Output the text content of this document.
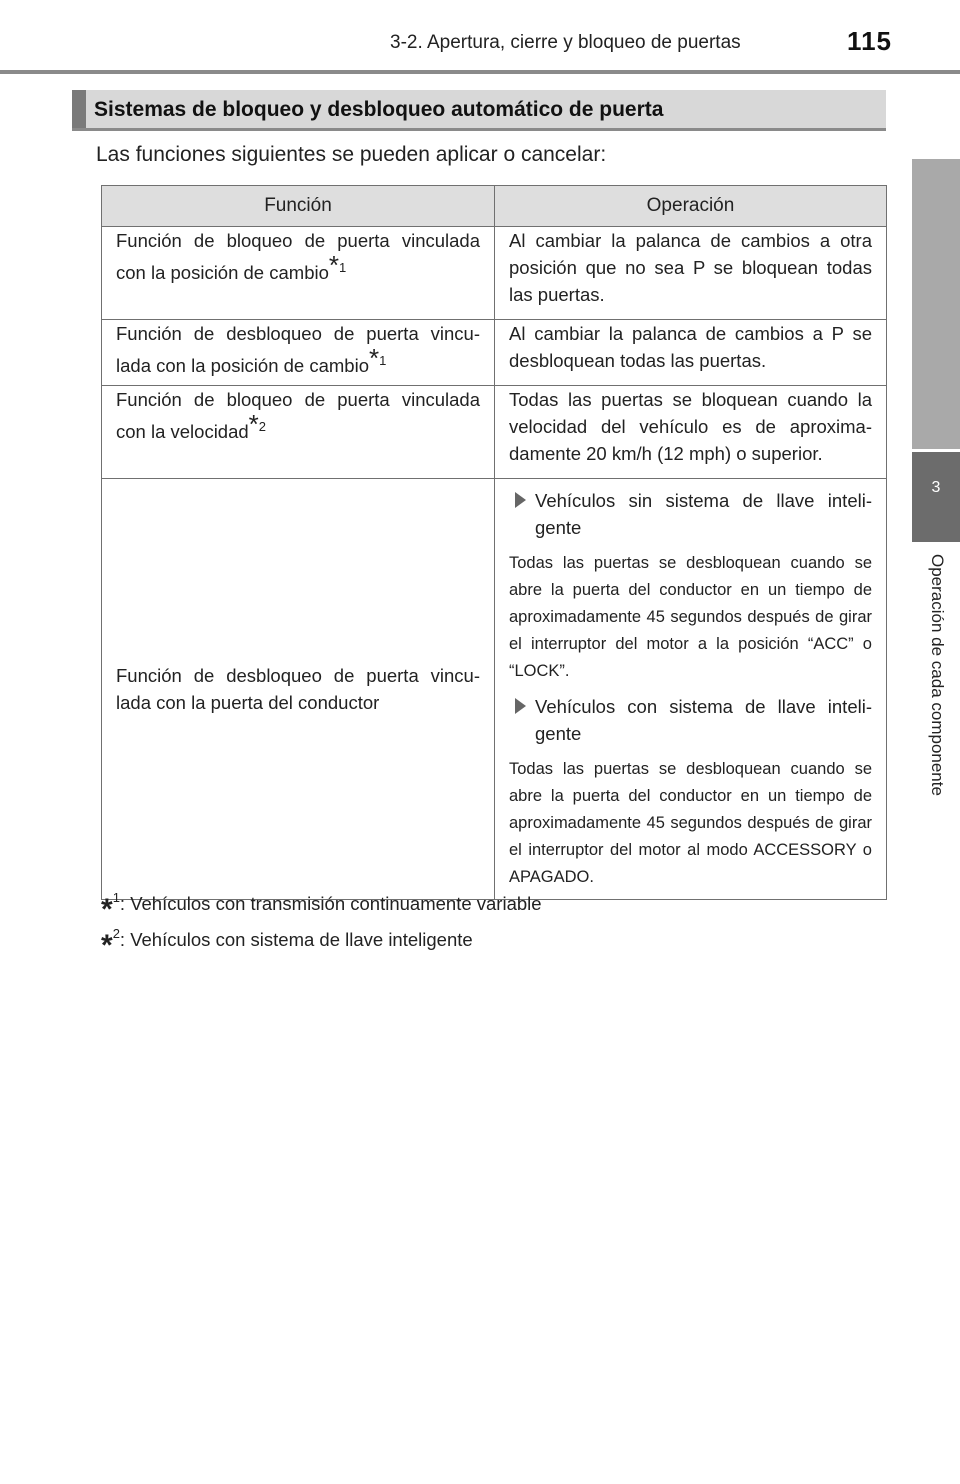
3-2. Apertura, cierre y bloqueo de puertas	115
3
Operación de cada componente
Sistemas de bloqueo y desbloqueo automático de puerta
Las funciones siguientes se pueden aplicar o cancelar:
Función	Operación
Función de bloqueo de puerta vinculada con la posición de cambio$^{*1}$	Al cambiar la palanca de cambios a otra posición que no sea P se bloquean todas las puertas.
Función de desbloqueo de puerta vincu-lada con la posición de cambio$^{*1}$	Al cambiar la palanca de cambios a P se desbloquean todas las puertas.
Función de bloqueo de puerta vinculada con la velocidad$^{*2}$	Todas las puertas se bloquean cuando la velocidad del vehículo es de aproxima-damente 20 km/h (12 mph) o superior.
Función de desbloqueo de puerta vincu-lada con la puerta del conductor	Vehículos sin sistema de llave inteli-gente
Todas las puertas se desbloquean cuando se abre la puerta del conductor en un tiempo de aproximadamente 45 segundos después de girar el interruptor del motor a la posición “ACC” o “LOCK”.
Vehículos con sistema de llave inteli-gente
Todas las puertas se desbloquean cuando se abre la puerta del conductor en un tiempo de aproximadamente 45 segundos después de girar el interruptor del motor al modo ACCESSORY o APAGADO.
*$^1$: Vehículos con transmisión continuamente variable
*$^2$: Vehículos con sistema de llave inteligente
